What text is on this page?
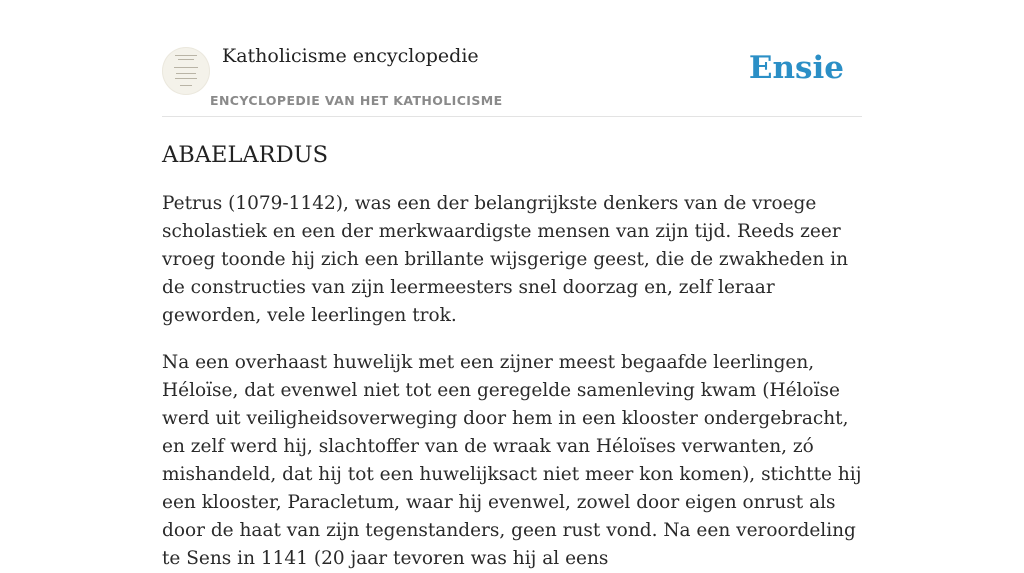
Katholicisme encyclopedie
ENCYCLOPEDIE VAN HET KATHOLICISME
Ensie
ABAELARDUS

Petrus (1079-1142), was een der belangrijkste denkers van de vroege scholastiek en een der merkwaardigste mensen van zijn tijd. Reeds zeer vroeg toonde hij zich een brillante wijsgerige geest, die de zwakheden in de constructies van zijn leermeesters snel doorzag en, zelf leraar geworden, vele leerlingen trok.

Na een overhaast huwelijk met een zijner meest begaafde leerlingen, Héloïse, dat evenwel niet tot een geregelde samenleving kwam (Héloïse werd uit veiligheidsoverweging door hem in een klooster ondergebracht, en zelf werd hij, slachtoffer van de wraak van Héloïses verwanten, zó mishandeld, dat hij tot een huwelijksact niet meer kon komen), stichtte hij een klooster, Paracletum, waar hij evenwel, zowel door eigen onrust als door de haat van zijn tegenstanders, geen rust vond. Na een veroordeling te Sens in 1141 (20 jaar tevoren was hij al eens
